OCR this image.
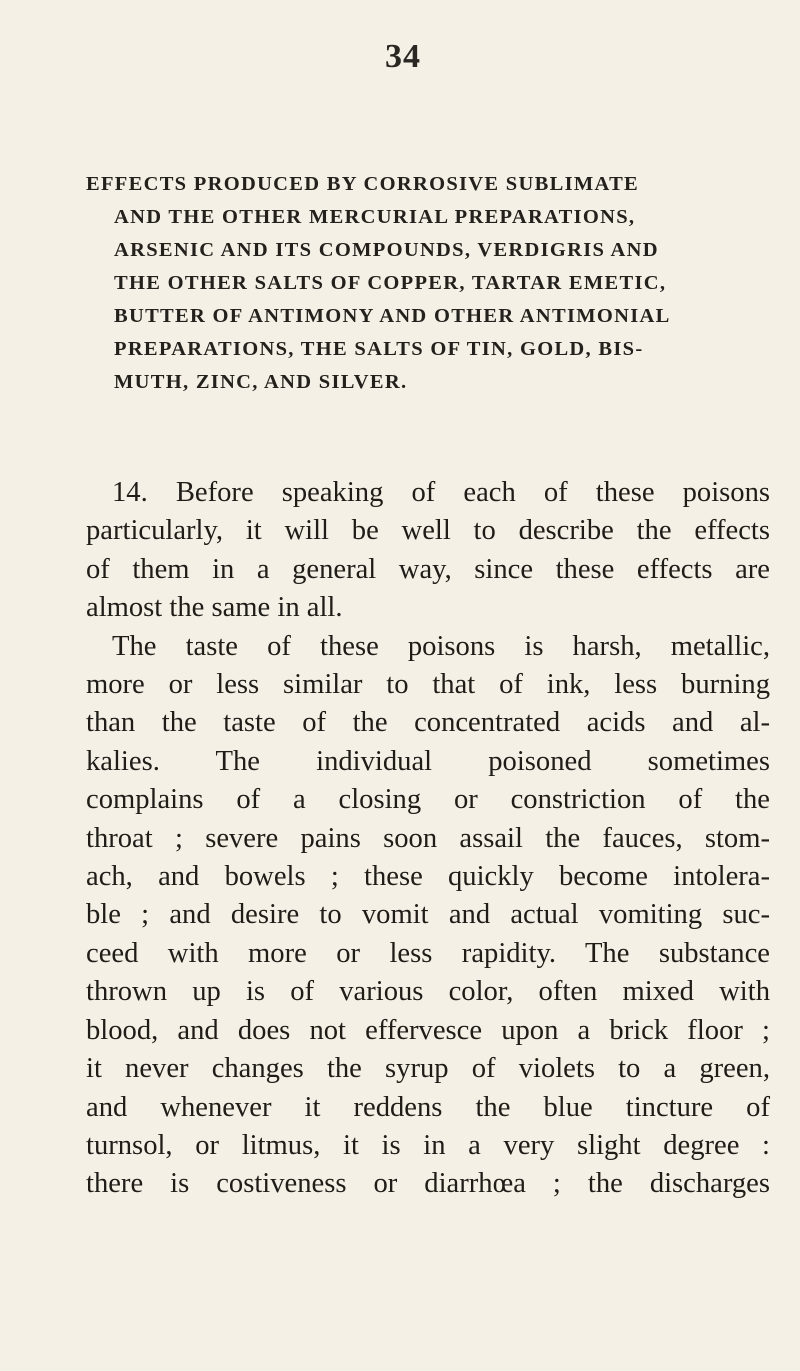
34
EFFECTS PRODUCED BY CORROSIVE SUBLIMATE
AND THE OTHER MERCURIAL PREPARATIONS,
ARSENIC AND ITS COMPOUNDS, VERDIGRIS AND
THE OTHER SALTS OF COPPER, TARTAR EMETIC,
BUTTER OF ANTIMONY AND OTHER ANTIMONIAL
PREPARATIONS, THE SALTS OF TIN, GOLD, BIS-
MUTH, ZINC, AND SILVER.
14. Before speaking of each of these poisons
particularly, it will be well to describe the effects
of them in a general way, since these effects are
almost the same in all.
The taste of these poisons is harsh, metallic,
more or less similar to that of ink, less burning
than the taste of the concentrated acids and al-
kalies. The individual poisoned sometimes
complains of a closing or constriction of the
throat ; severe pains soon assail the fauces, stom-
ach, and bowels ; these quickly become intolera-
ble ; and desire to vomit and actual vomiting suc-
ceed with more or less rapidity. The substance
thrown up is of various color, often mixed with
blood, and does not effervesce upon a brick floor ;
it never changes the syrup of violets to a green,
and whenever it reddens the blue tincture of
turnsol, or litmus, it is in a very slight degree :
there is costiveness or diarrhœa ; the discharges
